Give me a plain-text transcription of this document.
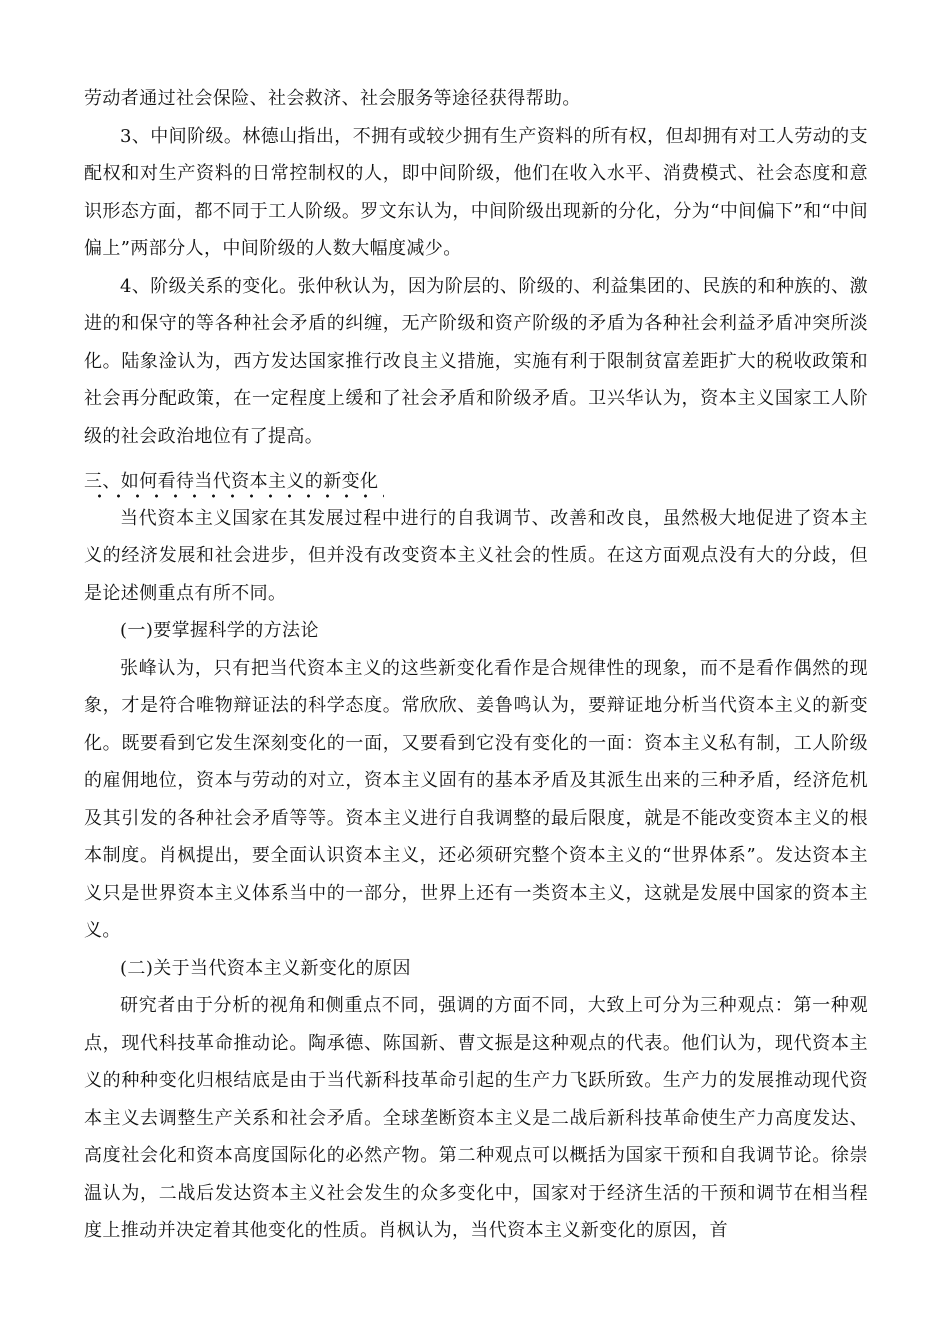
劳动者通过社会保险、社会救济、社会服务等途径获得帮助。

3、中间阶级。林德山指出，不拥有或较少拥有生产资料的所有权，但却拥有对工人劳动的支配权和对生产资料的日常控制权的人，即中间阶级，他们在收入水平、消费模式、社会态度和意识形态方面，都不同于工人阶级。罗文东认为，中间阶级出现新的分化，分为“中间偏下”和“中间偏上”两部分人，中间阶级的人数大幅度减少。

4、阶级关系的变化。张仲秋认为，因为阶层的、阶级的、利益集团的、民族的和种族的、激进的和保守的等各种社会矛盾的纠缠，无产阶级和资产阶级的矛盾为各种社会利益矛盾冲突所淡化。陆象淦认为，西方发达国家推行改良主义措施，实施有利于限制贫富差距扩大的税收政策和社会再分配政策，在一定程度上缓和了社会矛盾和阶级矛盾。卫兴华认为，资本主义国家工人阶级的社会政治地位有了提高。

三、如何看待当代资本主义的新变化

当代资本主义国家在其发展过程中进行的自我调节、改善和改良，虽然极大地促进了资本主义的经济发展和社会进步，但并没有改变资本主义社会的性质。在这方面观点没有大的分歧，但是论述侧重点有所不同。

(一)要掌握科学的方法论

张峰认为，只有把当代资本主义的这些新变化看作是合规律性的现象，而不是看作偶然的现象，才是符合唯物辩证法的科学态度。常欣欣、姜鲁鸣认为，要辩证地分析当代资本主义的新变化。既要看到它发生深刻变化的一面，又要看到它没有变化的一面：资本主义私有制，工人阶级的雇佣地位，资本与劳动的对立，资本主义固有的基本矛盾及其派生出来的三种矛盾，经济危机及其引发的各种社会矛盾等等。资本主义进行自我调整的最后限度，就是不能改变资本主义的根本制度。肖枫提出，要全面认识资本主义，还必须研究整个资本主义的“世界体系”。发达资本主义只是世界资本主义体系当中的一部分，世界上还有一类资本主义，这就是发展中国家的资本主义。

(二)关于当代资本主义新变化的原因

研究者由于分析的视角和侧重点不同，强调的方面不同，大致上可分为三种观点：第一种观点，现代科技革命推动论。陶承德、陈国新、曹文振是这种观点的代表。他们认为，现代资本主义的种种变化归根结底是由于当代新科技革命引起的生产力飞跃所致。生产力的发展推动现代资本主义去调整生产关系和社会矛盾。全球垄断资本主义是二战后新科技革命使生产力高度发达、高度社会化和资本高度国际化的必然产物。第二种观点可以概括为国家干预和自我调节论。徐崇温认为，二战后发达资本主义社会发生的众多变化中，国家对于经济生活的干预和调节在相当程度上推动并决定着其他变化的性质。肖枫认为，当代资本主义新变化的原因，首
